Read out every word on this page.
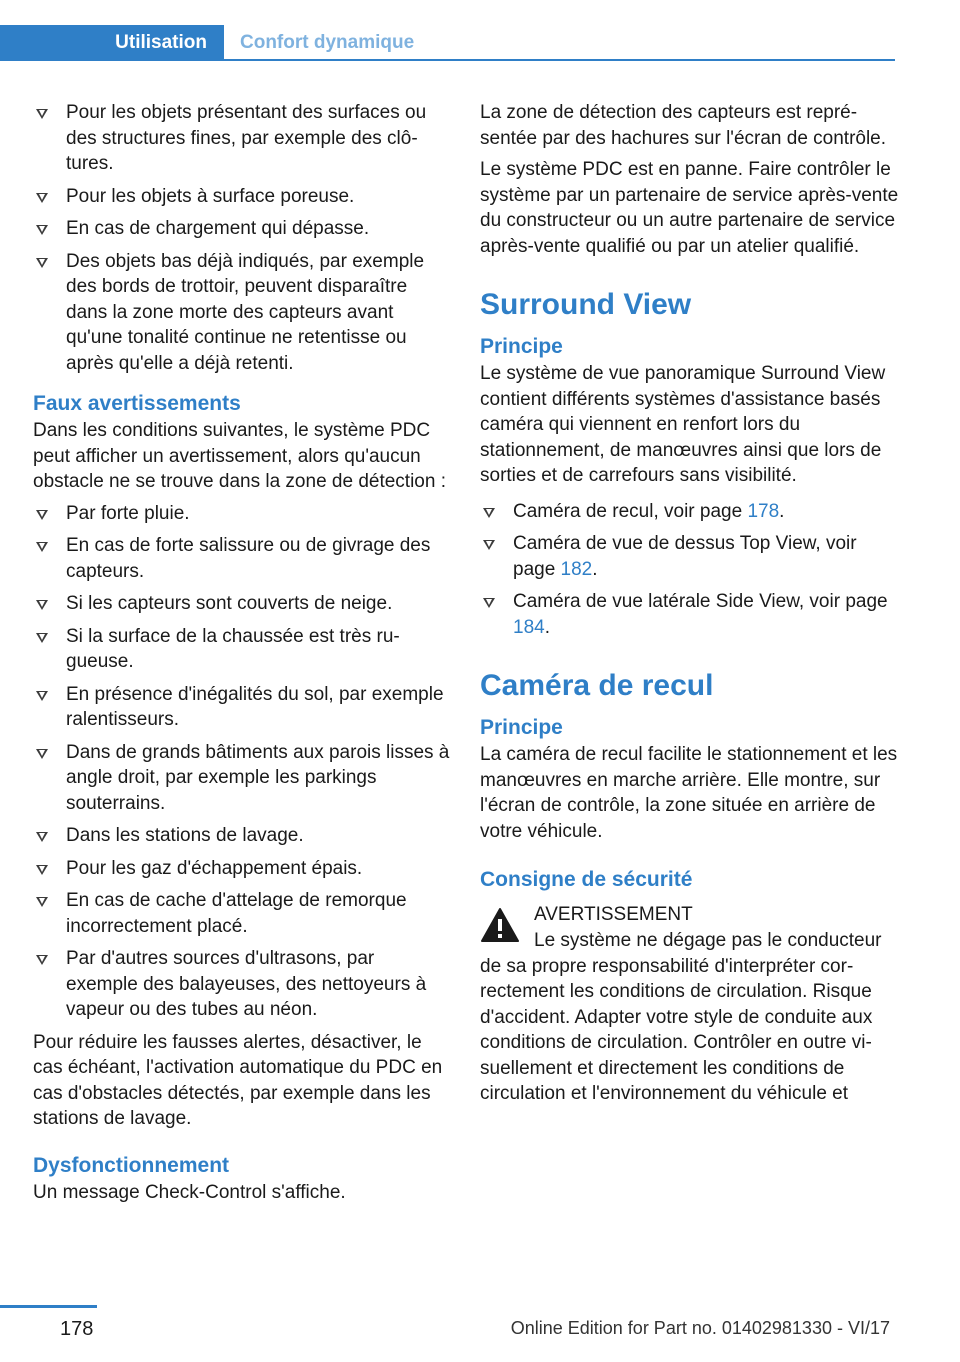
Utilisation	Confort dynamique
Pour les objets présentant des surfaces ou des structures fines, par exemple des clôtures.
Pour les objets à surface poreuse.
En cas de chargement qui dépasse.
Des objets bas déjà indiqués, par exemple des bords de trottoir, peuvent disparaître dans la zone morte des capteurs avant qu'une tonalité continue ne retentisse ou après qu'elle a déjà retenti.
Faux avertissements

Dans les conditions suivantes, le système PDC peut afficher un avertissement, alors qu'aucun obstacle ne se trouve dans la zone de détection :

Par forte pluie.
En cas de forte salissure ou de givrage des capteurs.
Si les capteurs sont couverts de neige.
Si la surface de la chaussée est très rugueuse.
En présence d'inégalités du sol, par exemple ralentisseurs.
Dans de grands bâtiments aux parois lisses à angle droit, par exemple les parkings souterrains.
Dans les stations de lavage.
Pour les gaz d'échappement épais.
En cas de cache d'attelage de remorque incorrectement placé.
Par d'autres sources d'ultrasons, par exemple des balayeuses, des nettoyeurs à vapeur ou des tubes au néon.

Pour réduire les fausses alertes, désactiver, le cas échéant, l'activation automatique du PDC en cas d'obstacles détectés, par exemple dans les stations de lavage.

Dysfonctionnement

Un message Check-Control s'affiche.

La zone de détection des capteurs est représentée par des hachures sur l'écran de contrôle.

Le système PDC est en panne. Faire contrôler le système par un partenaire de service après-vente du constructeur ou un autre partenaire de service après-vente qualifié ou par un atelier qualifié.

Surround View
Principe

Le système de vue panoramique Surround View contient différents systèmes d'assistance basés caméra qui viennent en renfort lors du stationnement, de manœuvres ainsi que lors de sorties et de carrefours sans visibilité.

Caméra de recul, voir page 178.
Caméra de vue de dessus Top View, voir page 182.
Caméra de vue latérale Side View, voir page 184.
Caméra de recul
Principe

La caméra de recul facilite le stationnement et les manœuvres en marche arrière. Elle montre, sur l'écran de contrôle, la zone située en arrière de votre véhicule.

Consigne de sécurité
AVERTISSEMENT

Le système ne dégage pas le conducteur de sa propre responsabilité d'interpréter correctement les conditions de circulation. Risque d'accident. Adapter votre style de conduite aux conditions de circulation. Contrôler en outre visuellement et directement les conditions de circulation et l'environnement du véhicule et

178	Online Edition for Part no. 01402981330 - VI/17
